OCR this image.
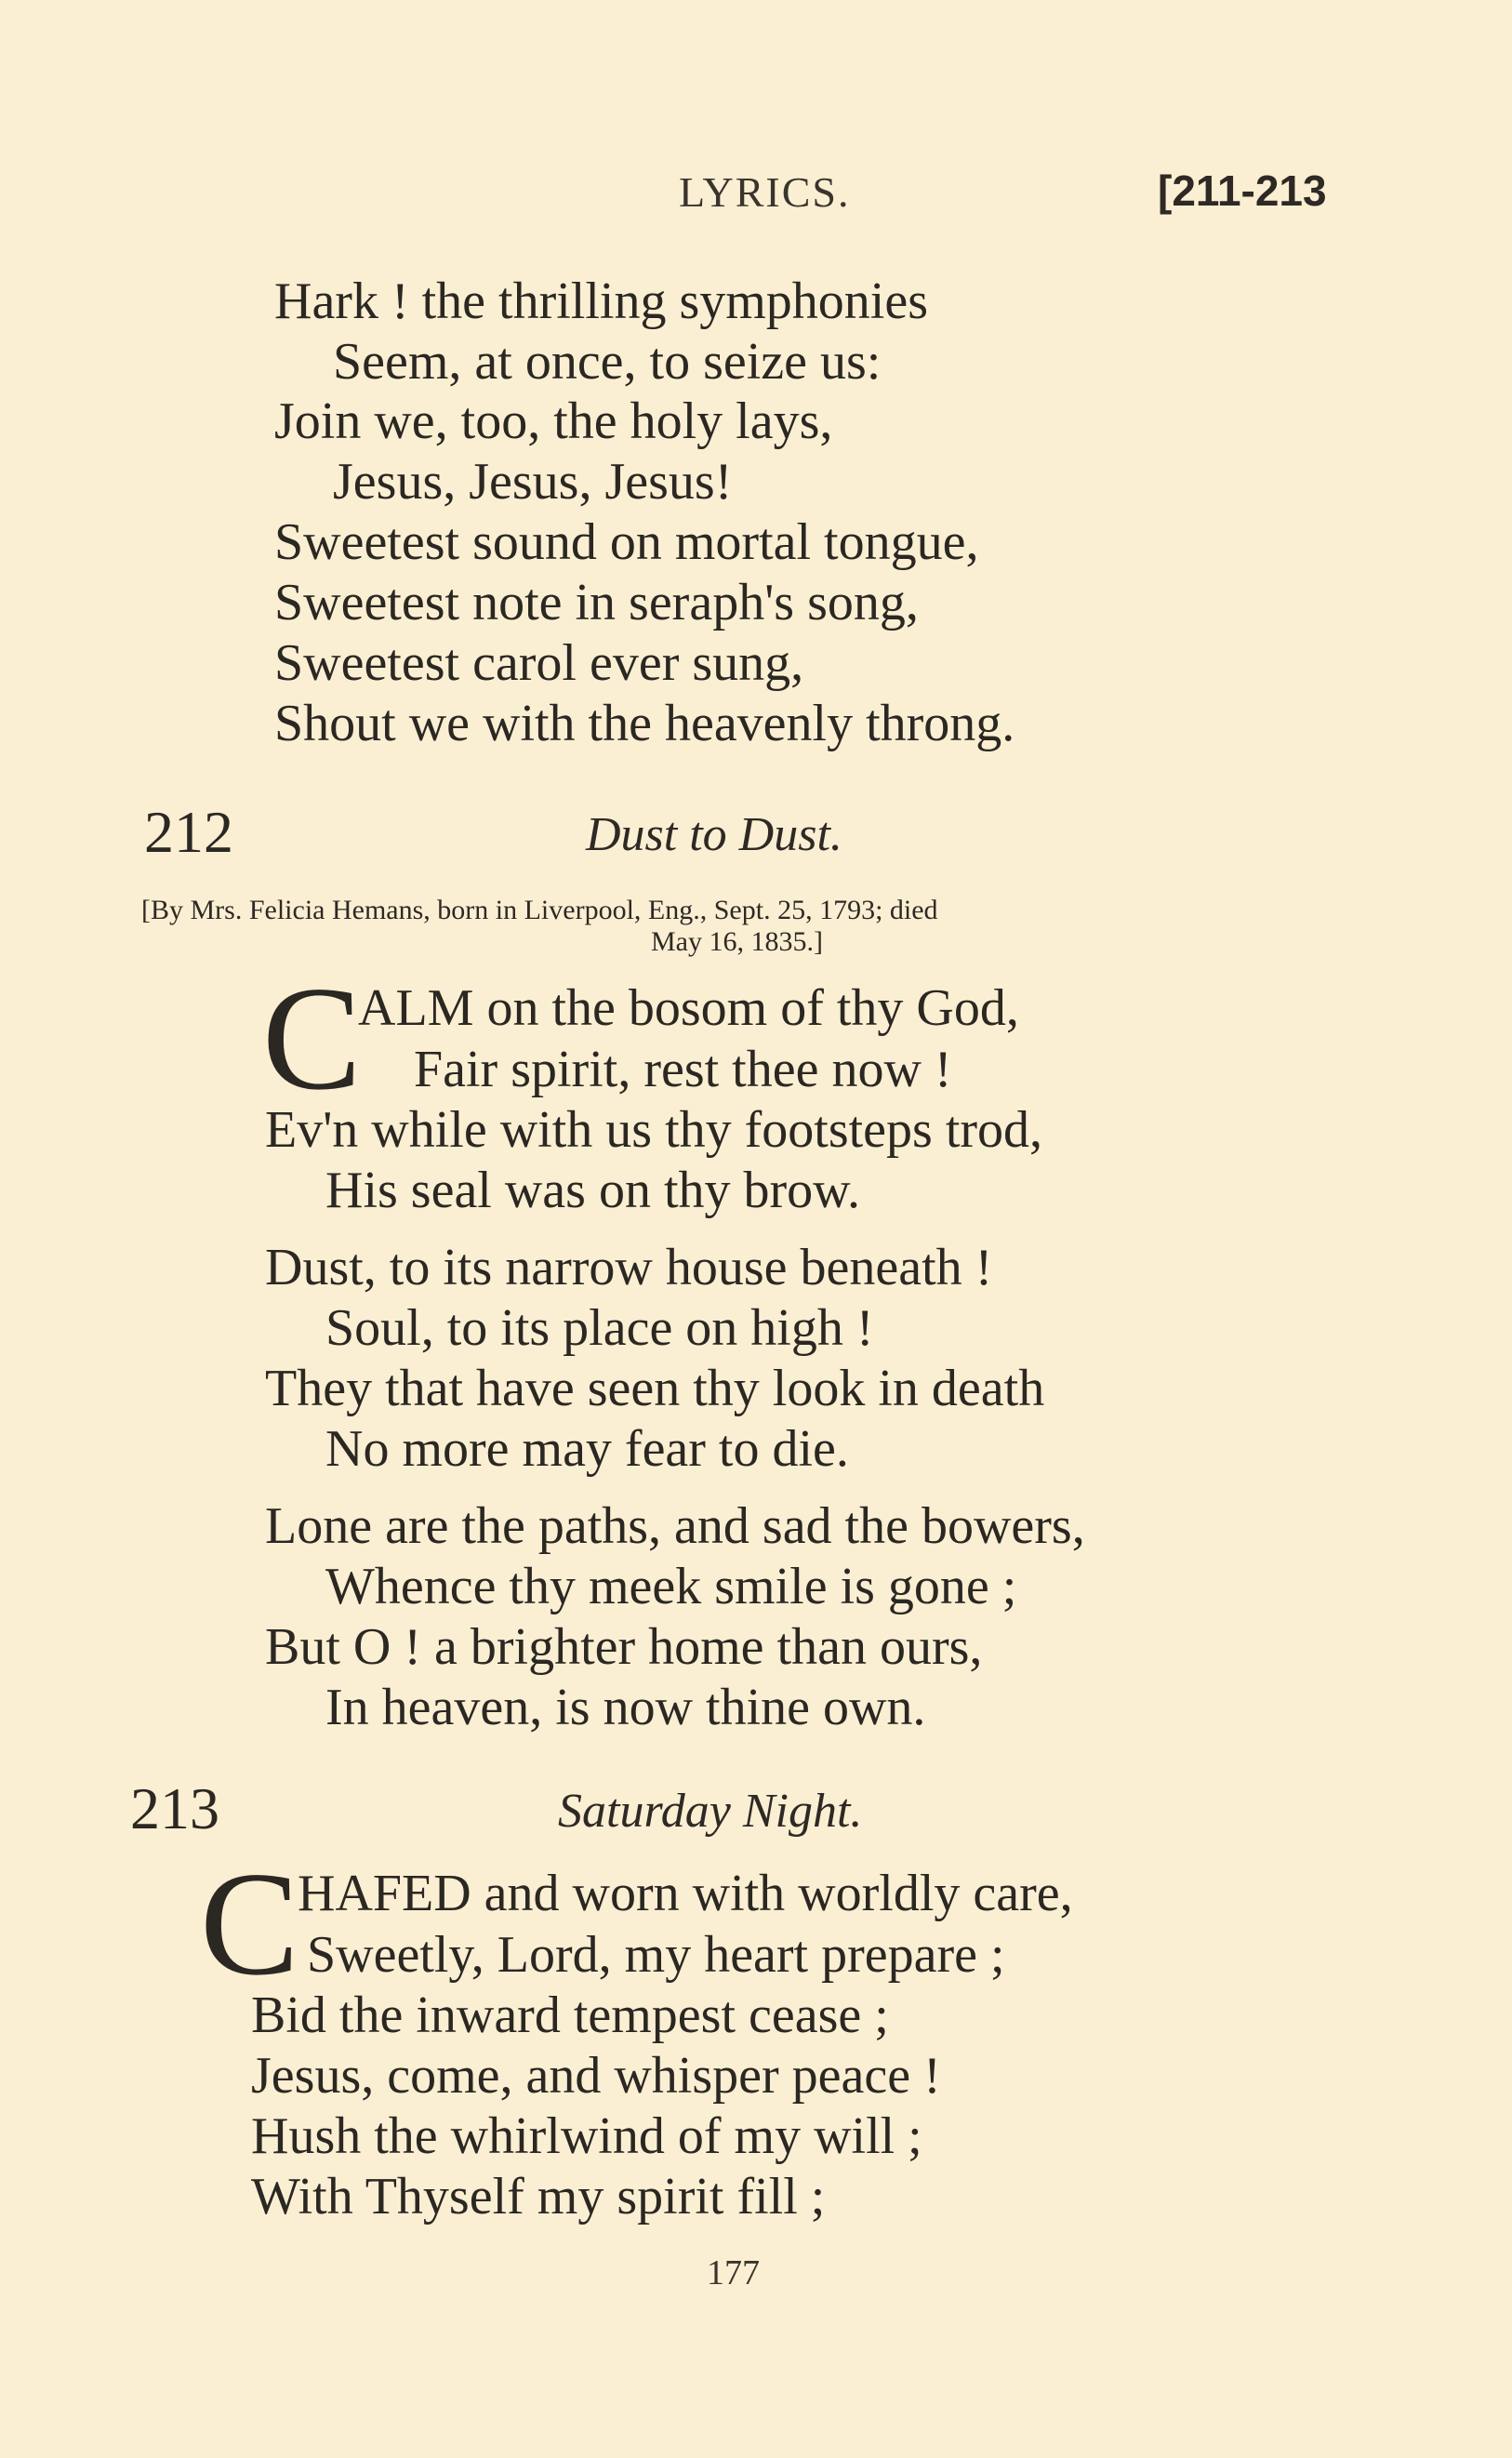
LYRICS.	[211-213
Hark ! the thrilling symphonies
Seem, at once, to seize us:
Join we, too, the holy lays,
Jesus, Jesus, Jesus!
Sweetest sound on mortal tongue,
Sweetest note in seraph's song,
Sweetest carol ever sung,
Shout we with the heavenly throng.
212	Dust to Dust.
[By Mrs. Felicia Hemans, born in Liverpool, Eng., Sept. 25, 1793; died
May 16, 1835.]
C
ALM on the bosom of thy God,
Fair spirit, rest thee now !
Ev'n while with us thy footsteps trod,
His seal was on thy brow.
Dust, to its narrow house beneath !
Soul, to its place on high !
They that have seen thy look in death
No more may fear to die.
Lone are the paths, and sad the bowers,
Whence thy meek smile is gone ;
But O ! a brighter home than ours,
In heaven, is now thine own.
213	Saturday Night.
C
HAFED and worn with worldly care,
Sweetly, Lord, my heart prepare ;
Bid the inward tempest cease ;
Jesus, come, and whisper peace !
Hush the whirlwind of my will ;
With Thyself my spirit fill ;
177
